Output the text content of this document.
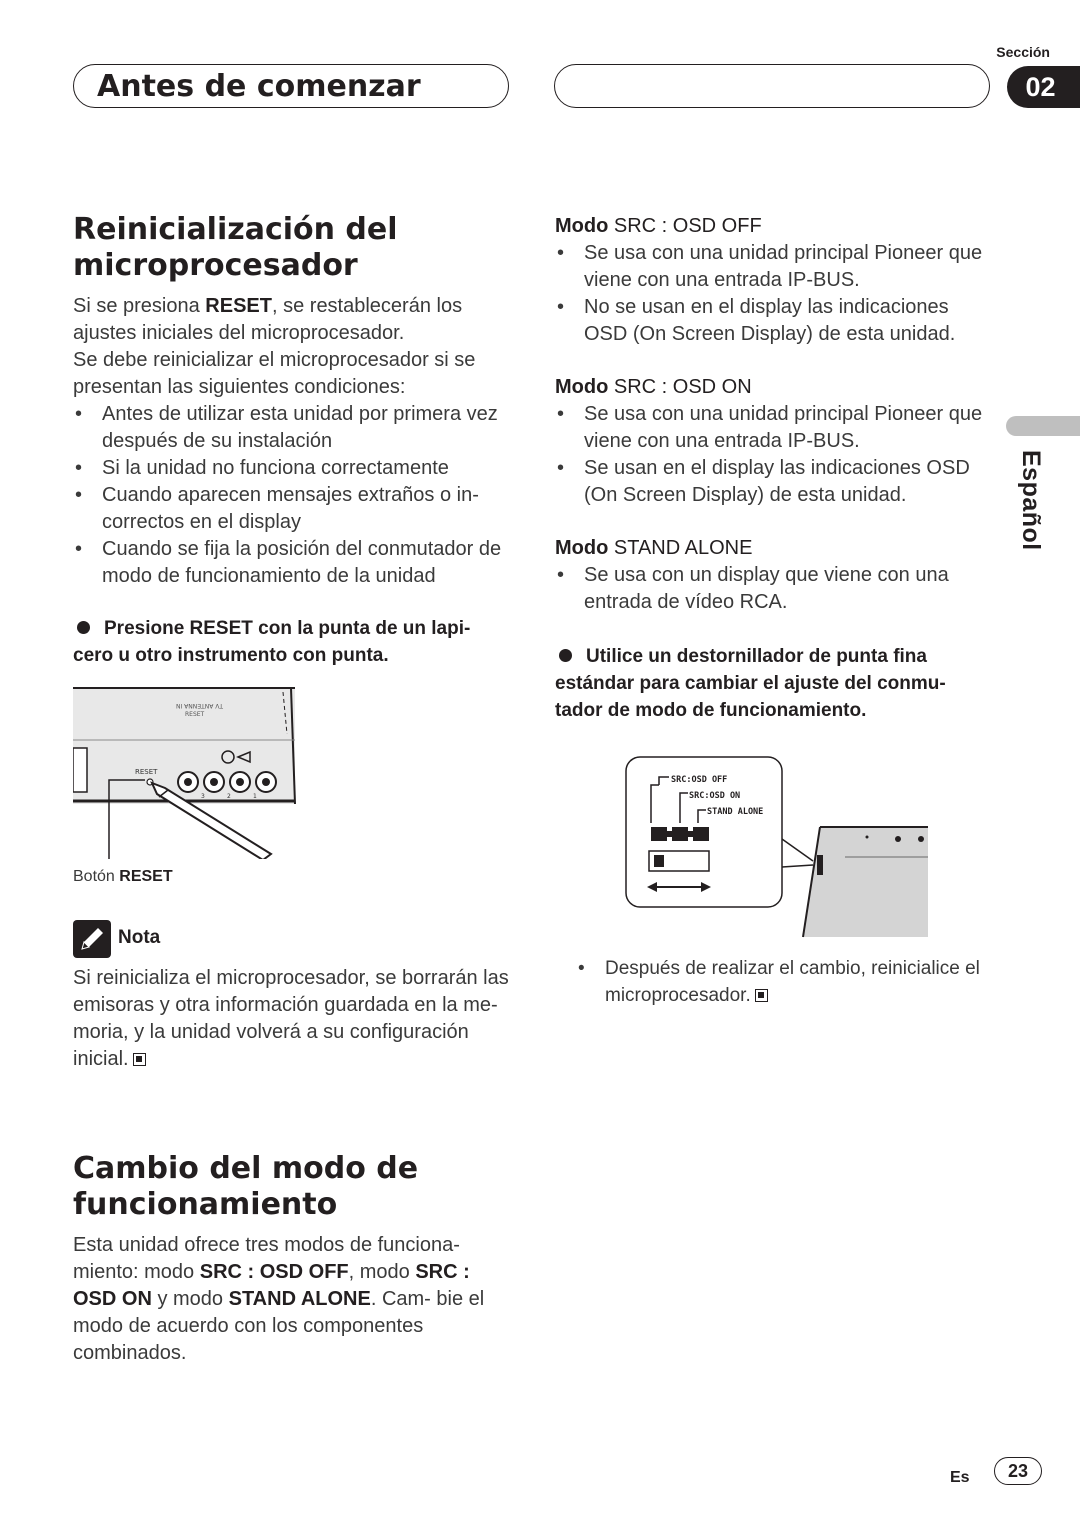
Antes de comenzar
Sección
02
Español
Reinicialización del
microprocesador

Si se presiona RESET, se restablecerán los ajustes iniciales del microprocesador.

Se debe reinicializar el microprocesador si se presentan las siguientes condiciones:

• Antes de utilizar esta unidad por primera vez después de su instalación
• Si la unidad no funciona correctamente
• Cuando aparecen mensajes extraños o in- correctos en el display
• Cuando se fija la posición del conmutador de modo de funcionamiento de la unidad
Presione RESET con la punta de un lapi- cero u otro instrumento con punta.
TV ANTENNA IN
RESET
RESET
3	2	1
Botón RESET
Nota
Si reinicializa el microprocesador, se borrarán las emisoras y otra información guardada en la me- moria, y la unidad volverá a su configuración inicial.
Cambio del modo de
funcionamiento
Esta unidad ofrece tres modos de funciona- miento: modo SRC : OSD OFF, modo SRC : OSD ON y modo STAND ALONE. Cam- bie el modo de acuerdo con los componentes combinados.
Modo SRC : OSD OFF
• Se usa con una unidad principal Pioneer que viene con una entrada IP-BUS.
• No se usan en el display las indicaciones OSD (On Screen Display) de esta unidad.
Modo SRC : OSD ON
• Se usa con una unidad principal Pioneer que viene con una entrada IP-BUS.
• Se usan en el display las indicaciones OSD (On Screen Display) de esta unidad.
Modo STAND ALONE
• Se usa con un display que viene con una entrada de vídeo RCA.
Utilice un destornillador de punta fina estándar para cambiar el ajuste del conmu- tador de modo de funcionamiento.
SRC:OSD OFF
SRC:OSD ON
STAND ALONE
• Después de realizar el cambio, reinicialice el microprocesador.
Es	23
